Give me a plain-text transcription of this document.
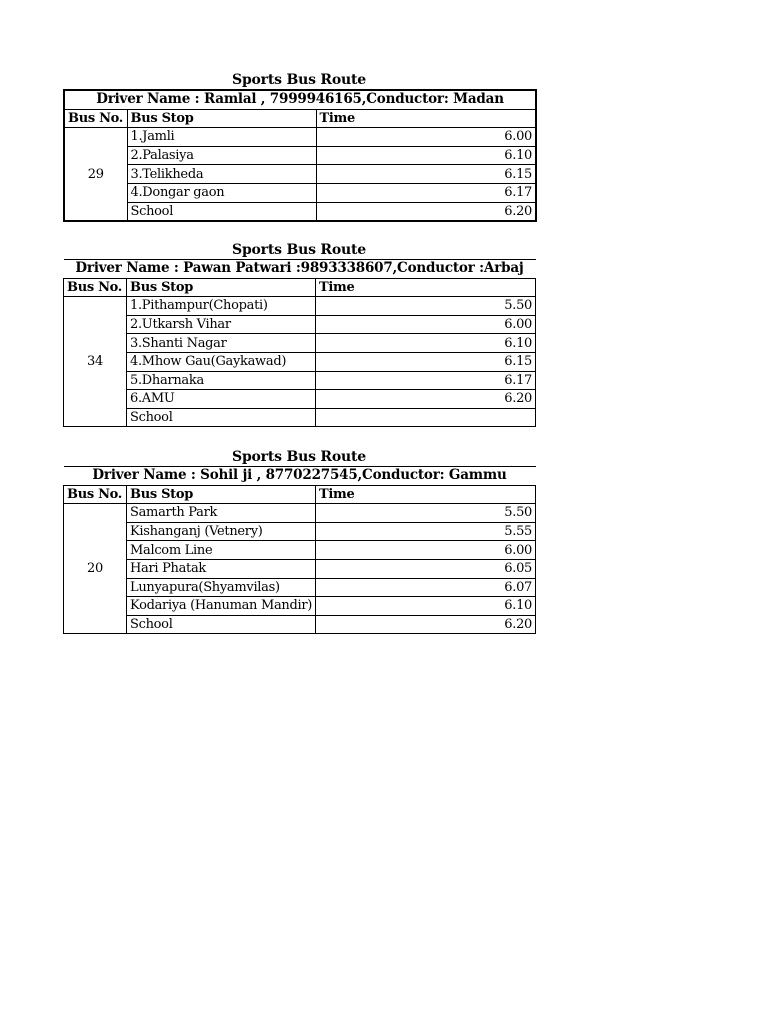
Sports Bus Route
Driver Name : Ramlal , 7999946165,Conductor: Madan		
Bus No.	Bus Stop	Time
29	1.Jamli	6.00
	2.Palasiya	6.10
	3.Telikheda	6.15
	4.Dongar gaon	6.17
	School	6.20
Sports Bus Route
Driver Name : Pawan Patwari :9893338607,Conductor :Arbaj		
Bus No.	Bus Stop	Time
34	1.Pithampur(Chopati)	5.50
	2.Utkarsh Vihar	6.00
	3.Shanti Nagar	6.10
	4.Mhow Gau(Gaykawad)	6.15
	5.Dharnaka	6.17
	6.AMU	6.20
	School	
Sports Bus Route
Driver Name : Sohil ji , 8770227545,Conductor: Gammu		
Bus No.	Bus Stop	Time
20	Samarth Park	5.50
	Kishanganj (Vetnery)	5.55
	Malcom Line	6.00
	Hari Phatak	6.05
	Lunyapura(Shyamvilas)	6.07
	Kodariya (Hanuman Mandir)	6.10
	School	6.20
